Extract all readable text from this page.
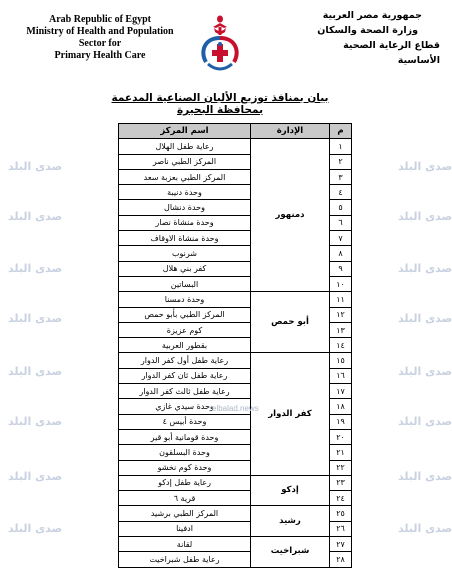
Arab Republic of Egypt
Ministry of Health and Population
Sector for
Primary Health Care
جمهورية مصر العربية
وزارة الصحة والسكان
قطاع الرعاية الصحية الأساسية
بيان بمنافذ توزيع الألبان الصناعية المدعمة
بمحافظة البحيرة
صدى البلد
صدى البلد
صدى البلد
صدى البلد
صدى البلد
صدى البلد
صدى البلد
صدى البلد
صدى البلد
صدى البلد
صدى البلد
صدى البلد
صدى البلد
صدى البلد
صدى البلد
صدى البلد
م	الإدارة	اسم المركز
١	دمنهور	رعاية طفل الهلال
٢		المركز الطبي ناصر
٣		المركز الطبي بعزبة سعد
٤		وحدة دنيبة
٥		وحدة دنشال
٦		وحدة منشاة نصار
٧		وحدة منشاة الاوقاف
٨		شرنوب
٩		كفر بني هلال
١٠		البساتين
١١	أبو حمص	وحدة دمسنا
١٢		المركز الطبي بأبو حمص
١٣		كوم عزيزة
١٤		بقطور العربية
١٥	كفر الدوار	رعاية طفل أول كفر الدوار
١٦		رعاية طفل ثان كفر الدوار
١٧		رعاية طفل ثالث كفر الدوار
١٨		وحدة سيدي غازي
١٩		وحدة أبيس ٤
٢٠		وحدة قومانية أبو قير
٢١		وحدة البسلقون
٢٢		وحدة كوم نخشو
٢٣	إدكو	رعاية طفل إدكو
٢٤		قرية ٦
٢٥	رشيد	المركز الطبي برشيد
٢٦		ادفينا
٢٧	شبراخيت	لقانة
٢٨		رعاية طفل شبراخيت
elbalad.news
